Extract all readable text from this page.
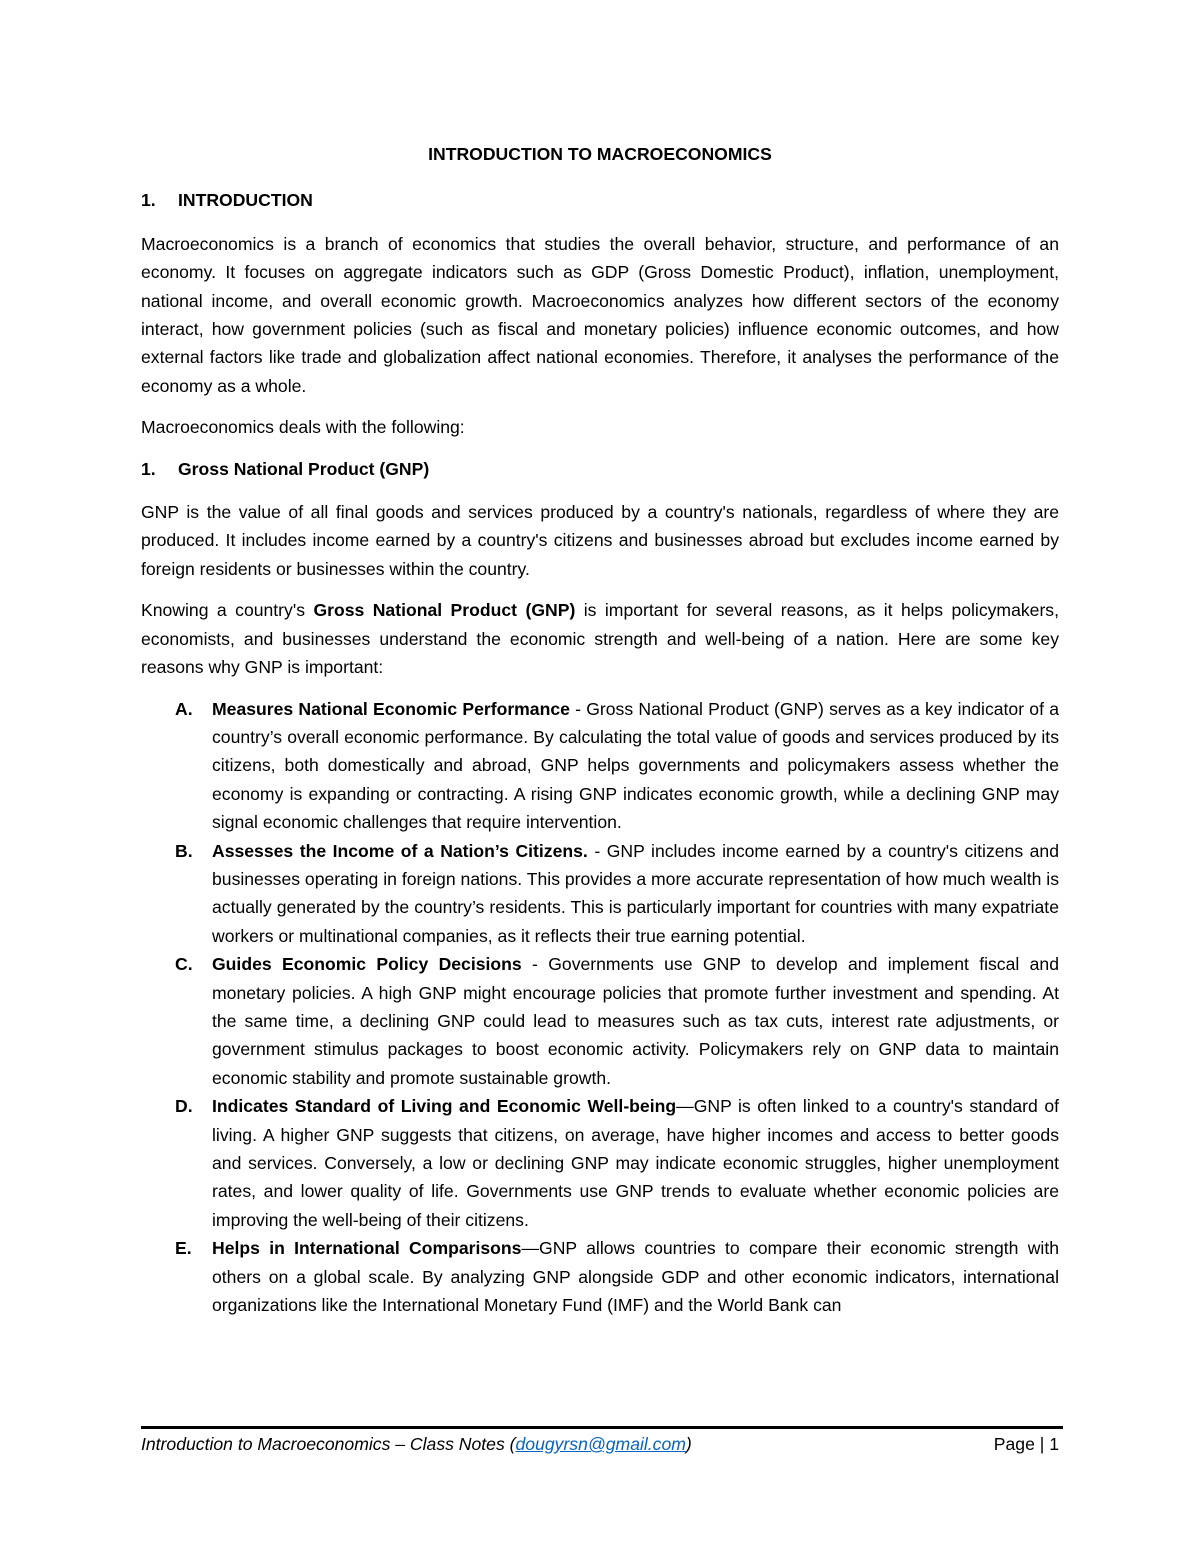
INTRODUCTION TO MACROECONOMICS
1.	INTRODUCTION

Macroeconomics is a branch of economics that studies the overall behavior, structure, and performance of an economy. It focuses on aggregate indicators such as GDP (Gross Domestic Product), inflation, unemployment, national income, and overall economic growth. Macroeconomics analyzes how different sectors of the economy interact, how government policies (such as fiscal and monetary policies) influence economic outcomes, and how external factors like trade and globalization affect national economies. Therefore, it analyses the performance of the economy as a whole.

Macroeconomics deals with the following:

1.	Gross National Product (GNP)

GNP is the value of all final goods and services produced by a country's nationals, regardless of where they are produced. It includes income earned by a country's citizens and businesses abroad but excludes income earned by foreign residents or businesses within the country.

Knowing a country's Gross National Product (GNP) is important for several reasons, as it helps policymakers, economists, and businesses understand the economic strength and well-being of a nation. Here are some key reasons why GNP is important:

A.	Measures National Economic Performance - Gross National Product (GNP) serves as a key indicator of a country’s overall economic performance. By calculating the total value of goods and services produced by its citizens, both domestically and abroad, GNP helps governments and policymakers assess whether the economy is expanding or contracting. A rising GNP indicates economic growth, while a declining GNP may signal economic challenges that require intervention.
B.	Assesses the Income of a Nation’s Citizens. - GNP includes income earned by a country's citizens and businesses operating in foreign nations. This provides a more accurate representation of how much wealth is actually generated by the country’s residents. This is particularly important for countries with many expatriate workers or multinational companies, as it reflects their true earning potential.
C.	Guides Economic Policy Decisions - Governments use GNP to develop and implement fiscal and monetary policies. A high GNP might encourage policies that promote further investment and spending. At the same time, a declining GNP could lead to measures such as tax cuts, interest rate adjustments, or government stimulus packages to boost economic activity. Policymakers rely on GNP data to maintain economic stability and promote sustainable growth.
D.	Indicates Standard of Living and Economic Well-being—GNP is often linked to a country's standard of living. A higher GNP suggests that citizens, on average, have higher incomes and access to better goods and services. Conversely, a low or declining GNP may indicate economic struggles, higher unemployment rates, and lower quality of life. Governments use GNP trends to evaluate whether economic policies are improving the well-being of their citizens.
E.	Helps in International Comparisons—GNP allows countries to compare their economic strength with others on a global scale. By analyzing GNP alongside GDP and other economic indicators, international organizations like the International Monetary Fund (IMF) and the World Bank can
Introduction to Macroeconomics – Class Notes (dougyrsn@gmail.com)	Page | 1
